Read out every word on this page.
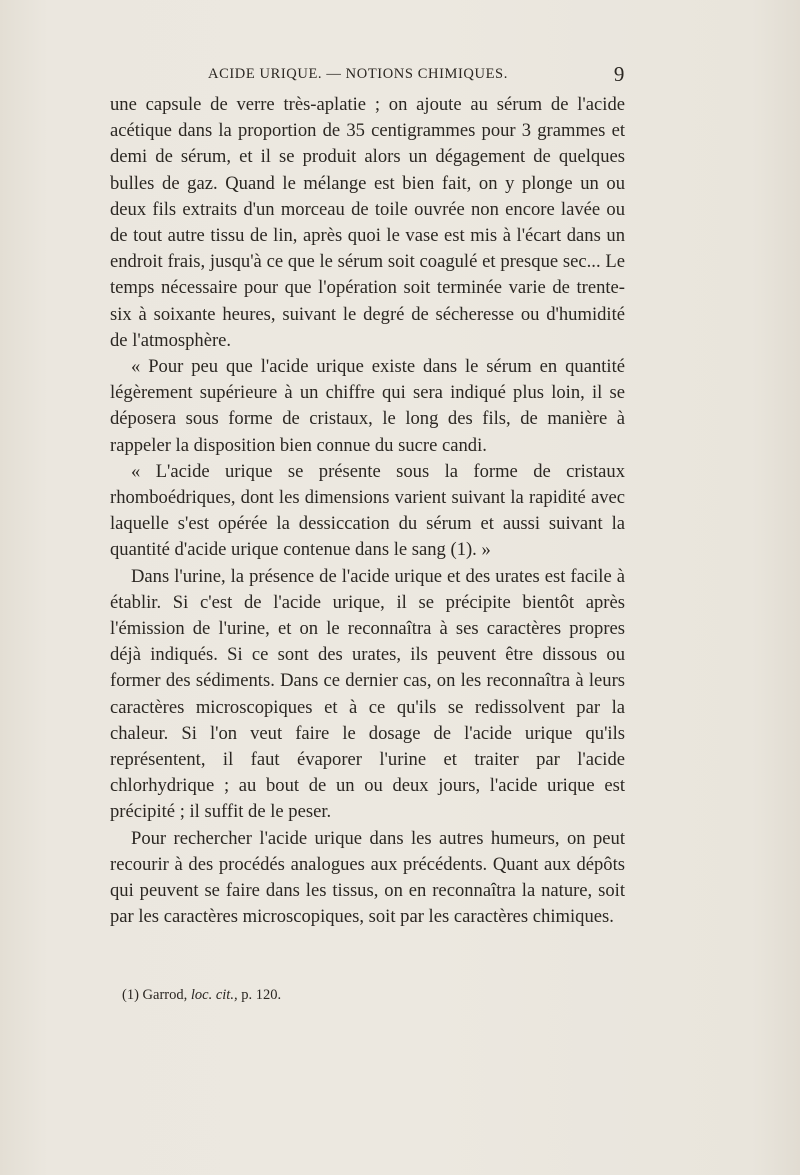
ACIDE URIQUE. — NOTIONS CHIMIQUES.	9

une capsule de verre très-aplatie ; on ajoute au sérum de l'acide acétique dans la proportion de 35 centigrammes pour 3 grammes et demi de sérum, et il se produit alors un dégagement de quelques bulles de gaz. Quand le mélange est bien fait, on y plonge un ou deux fils extraits d'un morceau de toile ouvrée non encore lavée ou de tout autre tissu de lin, après quoi le vase est mis à l'écart dans un endroit frais, jusqu'à ce que le sérum soit coagulé et presque sec... Le temps nécessaire pour que l'opération soit terminée varie de trente-six à soixante heures, suivant le degré de sécheresse ou d'humidité de l'atmosphère.

« Pour peu que l'acide urique existe dans le sérum en quantité légèrement supérieure à un chiffre qui sera indiqué plus loin, il se déposera sous forme de cristaux, le long des fils, de manière à rappeler la disposition bien connue du sucre candi.

« L'acide urique se présente sous la forme de cristaux rhomboédriques, dont les dimensions varient suivant la rapidité avec laquelle s'est opérée la dessiccation du sérum et aussi suivant la quantité d'acide urique contenue dans le sang (1). »

Dans l'urine, la présence de l'acide urique et des urates est facile à établir. Si c'est de l'acide urique, il se précipite bientôt après l'émission de l'urine, et on le reconnaîtra à ses caractères propres déjà indiqués. Si ce sont des urates, ils peuvent être dissous ou former des sédiments. Dans ce dernier cas, on les reconnaîtra à leurs caractères microscopiques et à ce qu'ils se redissolvent par la chaleur. Si l'on veut faire le dosage de l'acide urique qu'ils représentent, il faut évaporer l'urine et traiter par l'acide chlorhydrique ; au bout de un ou deux jours, l'acide urique est précipité ; il suffit de le peser.

Pour rechercher l'acide urique dans les autres humeurs, on peut recourir à des procédés analogues aux précédents. Quant aux dépôts qui peuvent se faire dans les tissus, on en reconnaîtra la nature, soit par les caractères microscopiques, soit par les caractères chimiques.

(1) Garrod, loc. cit., p. 120.
